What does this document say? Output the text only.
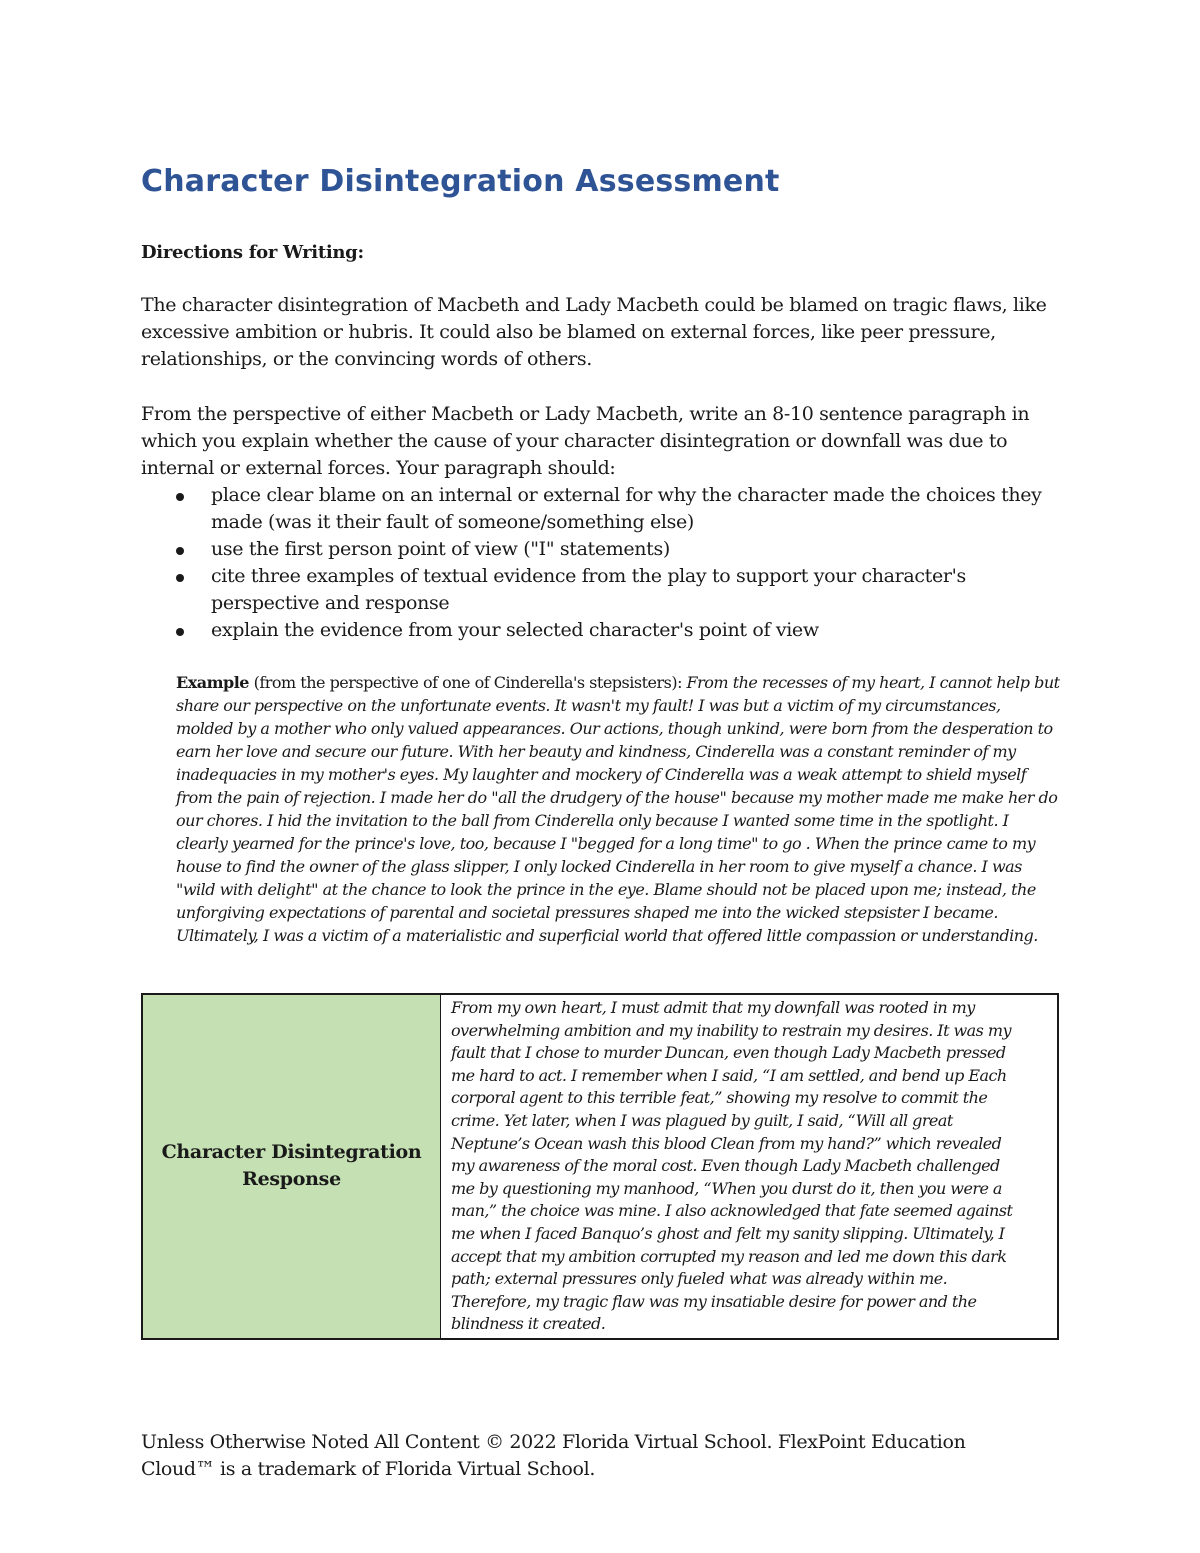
Character Disintegration Assessment

Directions for Writing:

The character disintegration of Macbeth and Lady Macbeth could be blamed on tragic flaws, like excessive ambition or hubris. It could also be blamed on external forces, like peer pressure, relationships, or the convincing words of others.

From the perspective of either Macbeth or Lady Macbeth, write an 8-10 sentence paragraph in which you explain whether the cause of your character disintegration or downfall was due to internal or external forces. Your paragraph should:

place clear blame on an internal or external for why the character made the choices they made (was it their fault of someone/something else)
use the first person point of view ("I" statements)
cite three examples of textual evidence from the play to support your character's perspective and response
explain the evidence from your selected character's point of view

Example (from the perspective of one of Cinderella's stepsisters): From the recesses of my heart, I cannot help but share our perspective on the unfortunate events. It wasn't my fault! I was but a victim of my circumstances, molded by a mother who only valued appearances. Our actions, though unkind, were born from the desperation to earn her love and secure our future. With her beauty and kindness, Cinderella was a constant reminder of my inadequacies in my mother's eyes. My laughter and mockery of Cinderella was a weak attempt to shield myself from the pain of rejection. I made her do "all the drudgery of the house" because my mother made me make her do our chores. I hid the invitation to the ball from Cinderella only because I wanted some time in the spotlight. I clearly yearned for the prince's love, too, because I "begged for a long time" to go . When the prince came to my house to find the owner of the glass slipper, I only locked Cinderella in her room to give myself a chance. I was "wild with delight" at the chance to look the prince in the eye. Blame should not be placed upon me; instead, the unforgiving expectations of parental and societal pressures shaped me into the wicked stepsister I became. Ultimately, I was a victim of a materialistic and superficial world that offered little compassion or understanding.

Character Disintegration Response	From my own heart, I must admit that my downfall was rooted in my overwhelming ambition and my inability to restrain my desires. It was my fault that I chose to murder Duncan, even though Lady Macbeth pressed me hard to act. I remember when I said, “I am settled, and bend up Each corporal agent to this terrible feat,” showing my resolve to commit the crime. Yet later, when I was plagued by guilt, I said, “Will all great Neptune’s Ocean wash this blood Clean from my hand?” which revealed my awareness of the moral cost. Even though Lady Macbeth challenged me by questioning my manhood, “When you durst do it, then you were a man,” the choice was mine. I also acknowledged that fate seemed against me when I faced Banquo’s ghost and felt my sanity slipping. Ultimately, I accept that my ambition corrupted my reason and led me down this dark path; external pressures only fueled what was already within me. Therefore, my tragic flaw was my insatiable desire for power and the blindness it created.

Unless Otherwise Noted All Content © 2022 Florida Virtual School. FlexPoint Education Cloud™ is a trademark of Florida Virtual School.
